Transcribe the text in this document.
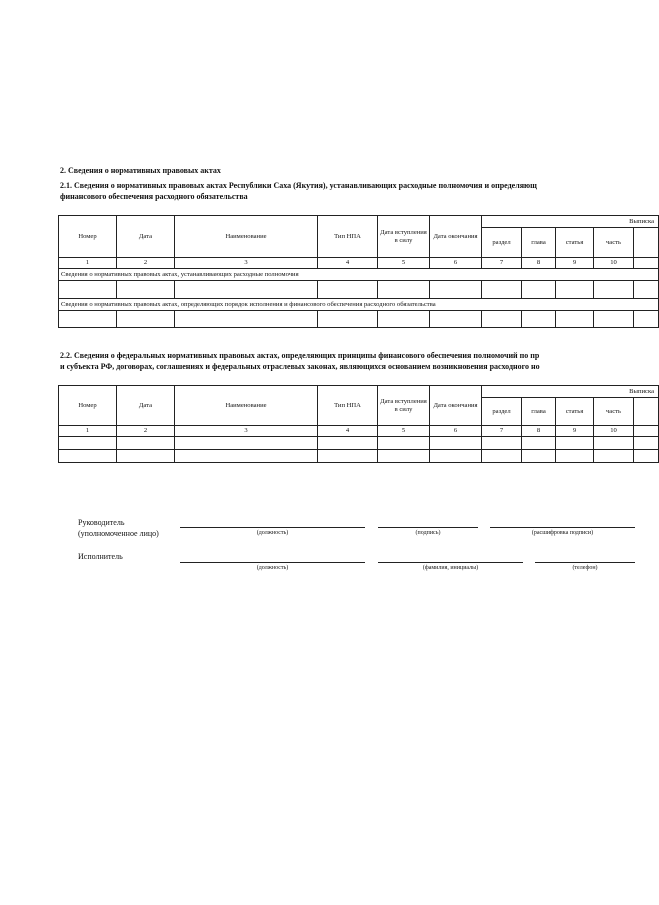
2. Сведения о нормативных правовых актах
2.1. Сведения о нормативных правовых актах Республики Саха (Якутия), устанавливающих расходные полномочия и определяющ
финансового обеспечения расходного обязательства
Номер	Дата	Наименование	Тип НПА	Дата вступления в силу	Дата окончания	Выписка				
						раздел	глава	статья	часть	
1	2	3	4	5	6	7	8	9	10	
Сведения о нормативных правовых актах, устанавливающих расходные полномочия										

Сведения о нормативных правовых актах, определяющих порядок исполнения и финансового обеспечения расходного обязательства										

2.2. Сведения о федеральных нормативных правовых актах, определяющих принципы финансового обеспечения полномочий по пр
и субъекта РФ, договорах, соглашениях и федеральных отраслевых законах, являющихся основанием возникновения расходного но
Номер	Дата	Наименование	Тип НПА	Дата вступления в силу	Дата окончания	Выписка				
						раздел	глава	статья	часть	
1	2	3	4	5	6	7	8	9	10	

Руководитель
(уполномоченное лицо)	(должность)	(подпись)	(расшифровка подписи)
Исполнитель
(должность)	(фамилия, инициалы)	(телефон)
